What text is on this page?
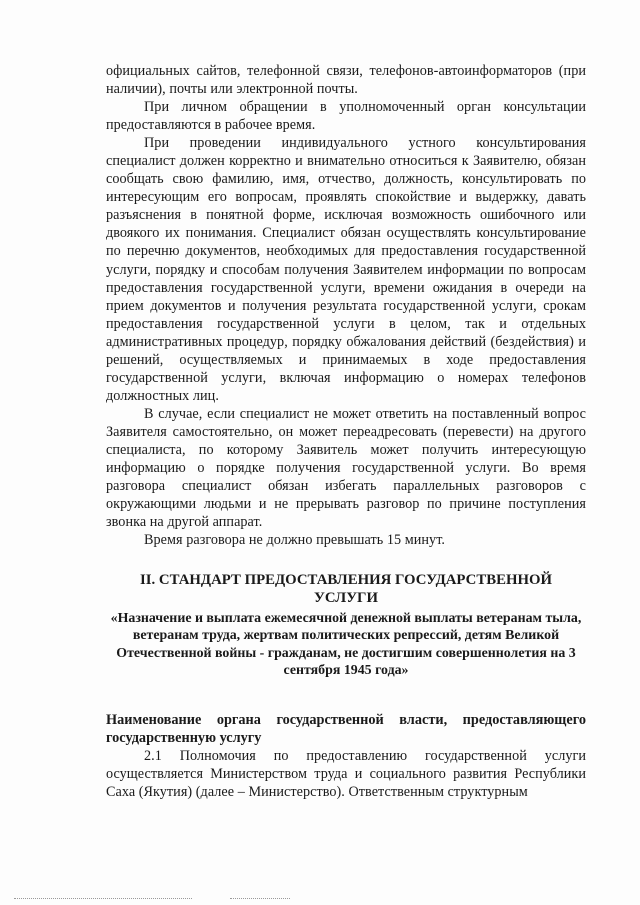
официальных сайтов, телефонной связи, телефонов-автоинформаторов (при наличии), почты или электронной почты.

При личном обращении в уполномоченный орган консультации предоставляются в рабочее время.

При проведении индивидуального устного консультирования специалист должен корректно и внимательно относиться к Заявителю, обязан сообщать свою фамилию, имя, отчество, должность, консультировать по интересующим его вопросам, проявлять спокойствие и выдержку, давать разъяснения в понятной форме, исключая возможность ошибочного или двоякого их понимания. Специалист обязан осуществлять консультирование по перечню документов, необходимых для предоставления государственной услуги, порядку и способам получения Заявителем информации по вопросам предоставления государственной услуги, времени ожидания в очереди на прием документов и получения результата государственной услуги, срокам предоставления государственной услуги в целом, так и отдельных административных процедур, порядку обжалования действий (бездействия) и решений, осуществляемых и принимаемых в ходе предоставления государственной услуги, включая информацию о номерах телефонов должностных лиц.

В случае, если специалист не может ответить на поставленный вопрос Заявителя самостоятельно, он может переадресовать (перевести) на другого специалиста, по которому Заявитель может получить интересующую информацию о порядке получения государственной услуги. Во время разговора специалист обязан избегать параллельных разговоров с окружающими людьми и не прерывать разговор по причине поступления звонка на другой аппарат.

Время разговора не должно превышать 15 минут.

II. СТАНДАРТ ПРЕДОСТАВЛЕНИЯ ГОСУДАРСТВЕННОЙ УСЛУГИ
«Назначение и выплата ежемесячной денежной выплаты ветеранам тыла, ветеранам труда, жертвам политических репрессий, детям Великой Отечественной войны - гражданам, не достигшим совершеннолетия на 3 сентября 1945 года»
Наименование органа государственной власти, предоставляющего государственную услугу

2.1 Полномочия по предоставлению государственной услуги осуществляется Министерством труда и социального развития Республики Саха (Якутия) (далее – Министерство). Ответственным структурным
